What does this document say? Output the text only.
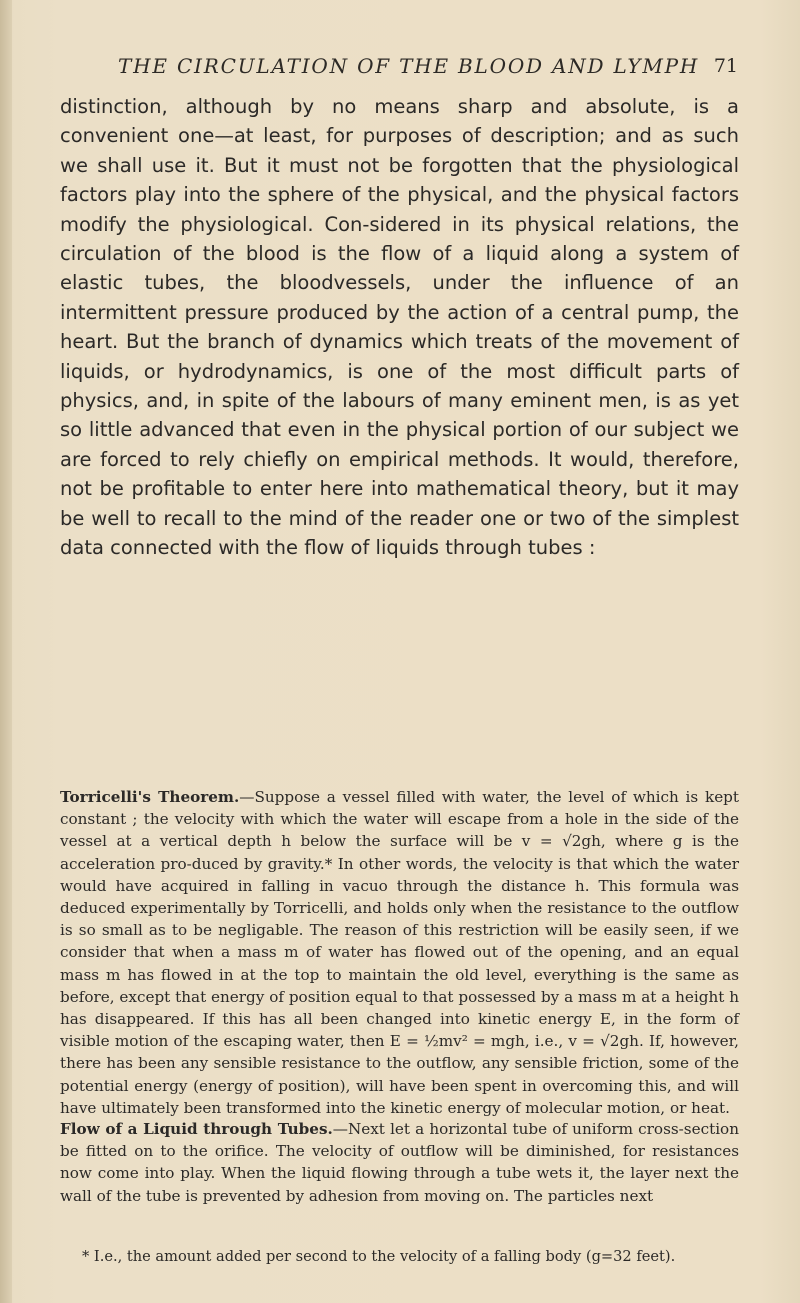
THE CIRCULATION OF THE BLOOD AND LYMPH 71

distinction, although by no means sharp and absolute, is a convenient one—at least, for purposes of description; and as such we shall use it. But it must not be forgotten that the physiological factors play into the sphere of the physical, and the physical factors modify the physiological. Con-sidered in its physical relations, the circulation of the blood is the flow of a liquid along a system of elastic tubes, the bloodvessels, under the influence of an intermittent pressure produced by the action of a central pump, the heart. But the branch of dynamics which treats of the movement of liquids, or hydrodynamics, is one of the most difficult parts of physics, and, in spite of the labours of many eminent men, is as yet so little advanced that even in the physical portion of our subject we are forced to rely chiefly on empirical methods. It would, therefore, not be profitable to enter here into mathematical theory, but it may be well to recall to the mind of the reader one or two of the simplest data connected with the flow of liquids through tubes :

Torricelli's Theorem.—Suppose a vessel filled with water, the level of which is kept constant ; the velocity with which the water will escape from a hole in the side of the vessel at a vertical depth h below the surface will be v = √2gh, where g is the acceleration pro-duced by gravity.* In other words, the velocity is that which the water would have acquired in falling in vacuo through the distance h. This formula was deduced experimentally by Torricelli, and holds only when the resistance to the outflow is so small as to be negligable. The reason of this restriction will be easily seen, if we consider that when a mass m of water has flowed out of the opening, and an equal mass m has flowed in at the top to maintain the old level, everything is the same as before, except that energy of position equal to that possessed by a mass m at a height h has disappeared. If this has all been changed into kinetic energy E, in the form of visible motion of the escaping water, then E = ½mv² = mgh, i.e., v = √2gh. If, however, there has been any sensible resistance to the outflow, any sensible friction, some of the potential energy (energy of position), will have been spent in overcoming this, and will have ultimately been transformed into the kinetic energy of molecular motion, or heat.

Flow of a Liquid through Tubes.—Next let a horizontal tube of uniform cross-section be fitted on to the orifice. The velocity of outflow will be diminished, for resistances now come into play. When the liquid flowing through a tube wets it, the layer next the wall of the tube is prevented by adhesion from moving on. The particles next

* I.e., the amount added per second to the velocity of a falling body (g=32 feet).
